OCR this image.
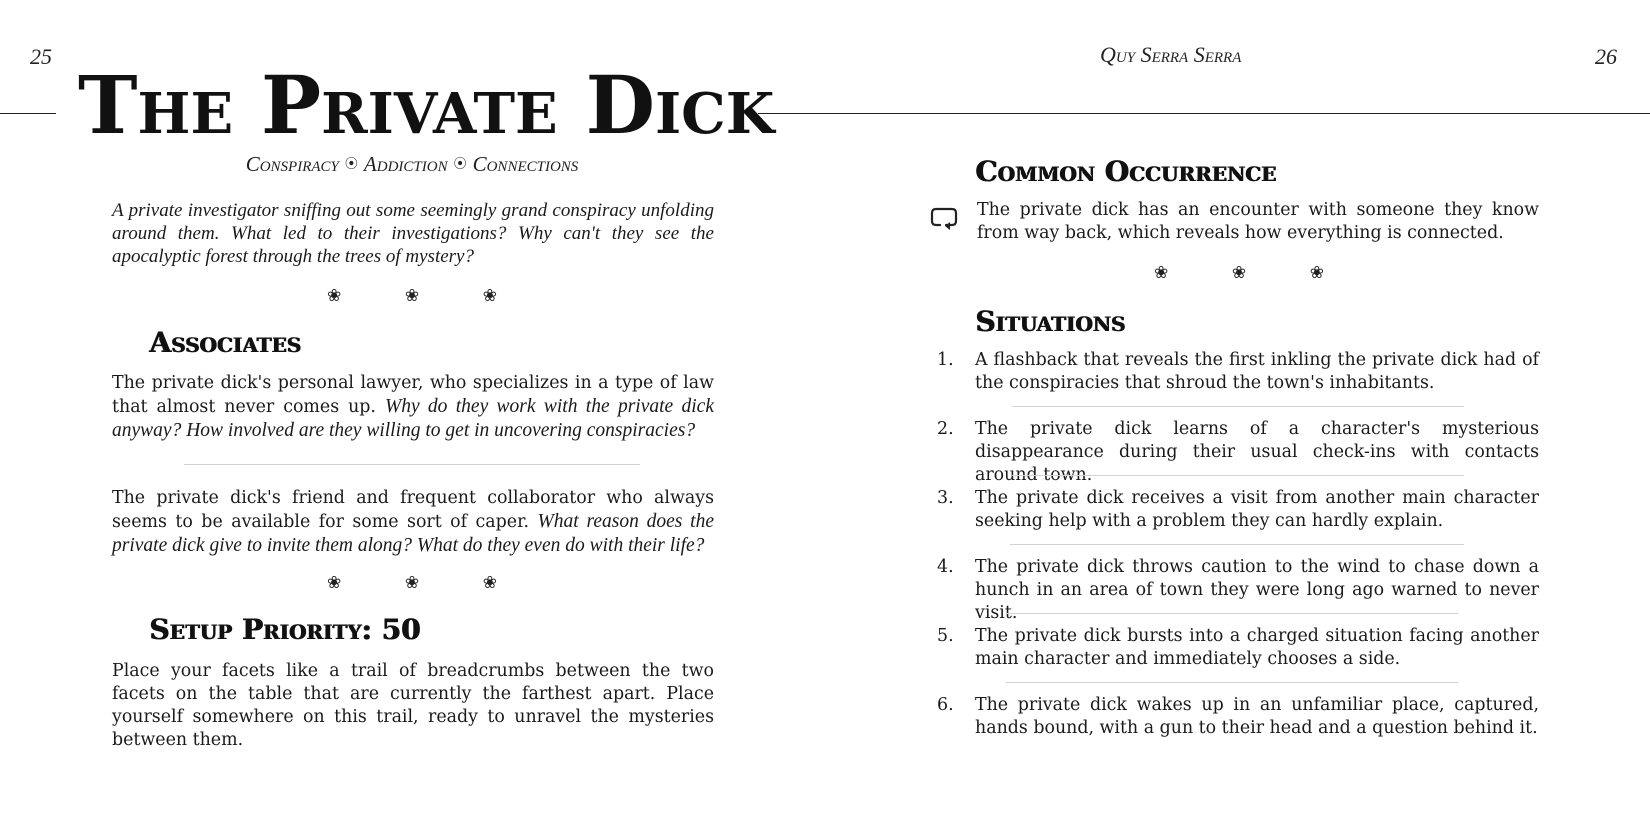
25
The Private Dick
Conspiracy ⦿ Addiction ⦿ Connections

A private investigator sniffing out some seemingly grand conspiracy unfolding around them. What led to their investigations? Why can't they see the apocalyptic forest through the trees of mystery?

❀	❀	❀
Associates

The private dick's personal lawyer, who specializes in a type of law that almost never comes up. Why do they work with the private dick anyway? How involved are they willing to get in uncovering conspiracies?

The private dick's friend and frequent collaborator who always seems to be available for some sort of caper. What reason does the private dick give to invite them along? What do they even do with their life?

❀	❀	❀
Setup Priority: 50

Place your facets like a trail of breadcrumbs between the two facets on the table that are currently the farthest apart. Place yourself somewhere on this trail, ready to unravel the mysteries between them.

Quy Serra Serra	26
Common Occurrence

The private dick has an encounter with someone they know from way back, which reveals how everything is connected.

❀	❀	❀
Situations
1. A flashback that reveals the first inkling the private dick had of the conspiracies that shroud the town's inhabitants.

2. The private dick learns of a character's mysterious disappearance during their usual check-ins with contacts around town.

3. The private dick receives a visit from another main character seeking help with a problem they can hardly explain.

4. The private dick throws caution to the wind to chase down a hunch in an area of town they were long ago warned to never visit.

5. The private dick bursts into a charged situation facing another main character and immediately chooses a side.

6. The private dick wakes up in an unfamiliar place, captured, hands bound, with a gun to their head and a question behind it.
